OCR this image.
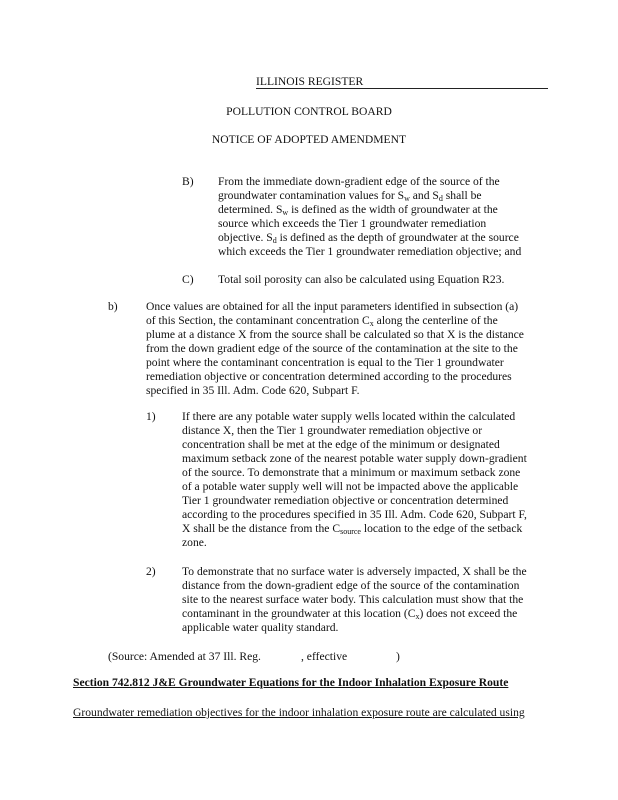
ILLINOIS REGISTER
POLLUTION CONTROL BOARD
NOTICE OF ADOPTED AMENDMENT
B) From the immediate down-gradient edge of the source of the
groundwater contamination values for $S_w$ and $S_d$ shall be
determined. $S_w$ is defined as the width of groundwater at the
source which exceeds the Tier 1 groundwater remediation
objective. $S_d$ is defined as the depth of groundwater at the source
which exceeds the Tier 1 groundwater remediation objective; and
C) Total soil porosity can also be calculated using Equation R23.
b) Once values are obtained for all the input parameters identified in subsection (a)
of this Section, the contaminant concentration $C_x$ along the centerline of the
plume at a distance X from the source shall be calculated so that X is the distance
from the down gradient edge of the source of the contamination at the site to the
point where the contaminant concentration is equal to the Tier 1 groundwater
remediation objective or concentration determined according to the procedures
specified in 35 Ill. Adm. Code 620, Subpart F.
1) If there are any potable water supply wells located within the calculated
distance X, then the Tier 1 groundwater remediation objective or
concentration shall be met at the edge of the minimum or designated
maximum setback zone of the nearest potable water supply down-gradient
of the source. To demonstrate that a minimum or maximum setback zone
of a potable water supply well will not be impacted above the applicable
Tier 1 groundwater remediation objective or concentration determined
according to the procedures specified in 35 Ill. Adm. Code 620, Subpart F,
X shall be the distance from the $C_{source}$ location to the edge of the setback
zone.
2) To demonstrate that no surface water is adversely impacted, X shall be the
distance from the down-gradient edge of the source of the contamination
site to the nearest surface water body. This calculation must show that the
contaminant in the groundwater at this location $(C_x)$ does not exceed the
applicable water quality standard.
(Source: Amended at 37 Ill. Reg.	, effective	)
Section 742.812 J&E Groundwater Equations for the Indoor Inhalation Exposure Route
Groundwater remediation objectives for the indoor inhalation exposure route are calculated using
